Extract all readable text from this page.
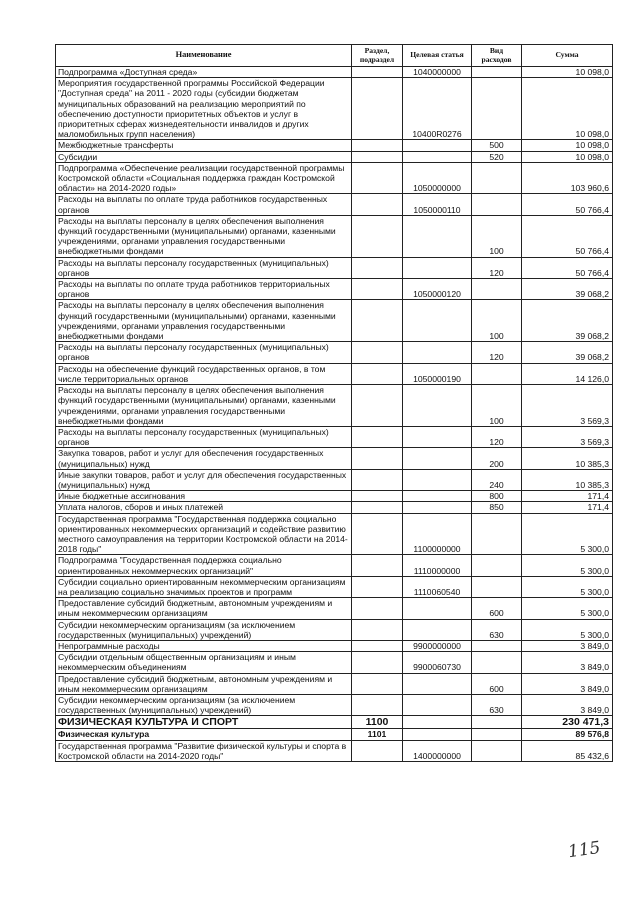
Наименование	Раздел, подраздел	Целевая статья	Вид расходов	Сумма
Подпрограмма «Доступная среда»		1040000000		10 098,0
Мероприятия государственной программы Российской Федерации "Доступная среда" на 2011 - 2020 годы (субсидии бюджетам муниципальных образований на реализацию мероприятий по обеспечению доступности приоритетных объектов и услуг в приоритетных сферах жизнедеятельности инвалидов и других маломобильных групп населения)		10400R0276		10 098,0
Межбюджетные трансферты			500	10 098,0
Субсидии			520	10 098,0
Подпрограмма «Обеспечение реализации государственной программы Костромской области «Социальная поддержка граждан Костромской области» на 2014-2020 годы»		1050000000		103 960,6
Расходы на выплаты по оплате труда работников государственных органов		1050000110		50 766,4
Расходы на выплаты персоналу в целях обеспечения выполнения функций государственными (муниципальными) органами, казенными учреждениями, органами управления государственными внебюджетными фондами			100	50 766,4
Расходы на выплаты персоналу государственных (муниципальных) органов			120	50 766,4
Расходы на выплаты по оплате труда работников территориальных органов		1050000120		39 068,2
Расходы на выплаты персоналу в целях обеспечения выполнения функций государственными (муниципальными) органами, казенными учреждениями, органами управления государственными внебюджетными фондами			100	39 068,2
Расходы на выплаты персоналу государственных (муниципальных) органов			120	39 068,2
Расходы на обеспечение функций государственных органов, в том числе территориальных органов		1050000190		14 126,0
Расходы на выплаты персоналу в целях обеспечения выполнения функций государственными (муниципальными) органами, казенными учреждениями, органами управления государственными внебюджетными фондами			100	3 569,3
Расходы на выплаты персоналу государственных (муниципальных) органов			120	3 569,3
Закупка товаров, работ и услуг для обеспечения государственных (муниципальных) нужд			200	10 385,3
Иные закупки товаров, работ и услуг для обеспечения государственных (муниципальных) нужд			240	10 385,3
Иные бюджетные ассигнования			800	171,4
Уплата налогов, сборов и иных платежей			850	171,4
Государственная программа "Государственная поддержка социально ориентированных некоммерческих организаций и содействие развитию местного самоуправления на территории Костромской области на 2014-2018 годы"		1100000000		5 300,0
Подпрограмма "Государственная поддержка социально ориентированных некоммерческих организаций"		1110000000		5 300,0
Субсидии социально ориентированным некоммерческим организациям на реализацию социально значимых проектов и программ		1110060540		5 300,0
Предоставление субсидий бюджетным, автономным учреждениям и иным некоммерческим организациям			600	5 300,0
Субсидии некоммерческим организациям (за исключением государственных (муниципальных) учреждений)			630	5 300,0
Непрограммные расходы		9900000000		3 849,0
Субсидии отдельным общественным организациям и иным некоммерческим объединениям		9900060730		3 849,0
Предоставление субсидий бюджетным, автономным учреждениям и иным некоммерческим организациям			600	3 849,0
Субсидии некоммерческим организациям (за исключением государственных (муниципальных) учреждений)			630	3 849,0
ФИЗИЧЕСКАЯ КУЛЬТУРА И СПОРТ	1100			230 471,3
Физическая культура	1101			89 576,8
Государственная программа "Развитие физической культуры и спорта в Костромской области на 2014-2020 годы"		1400000000		85 432,6
115
